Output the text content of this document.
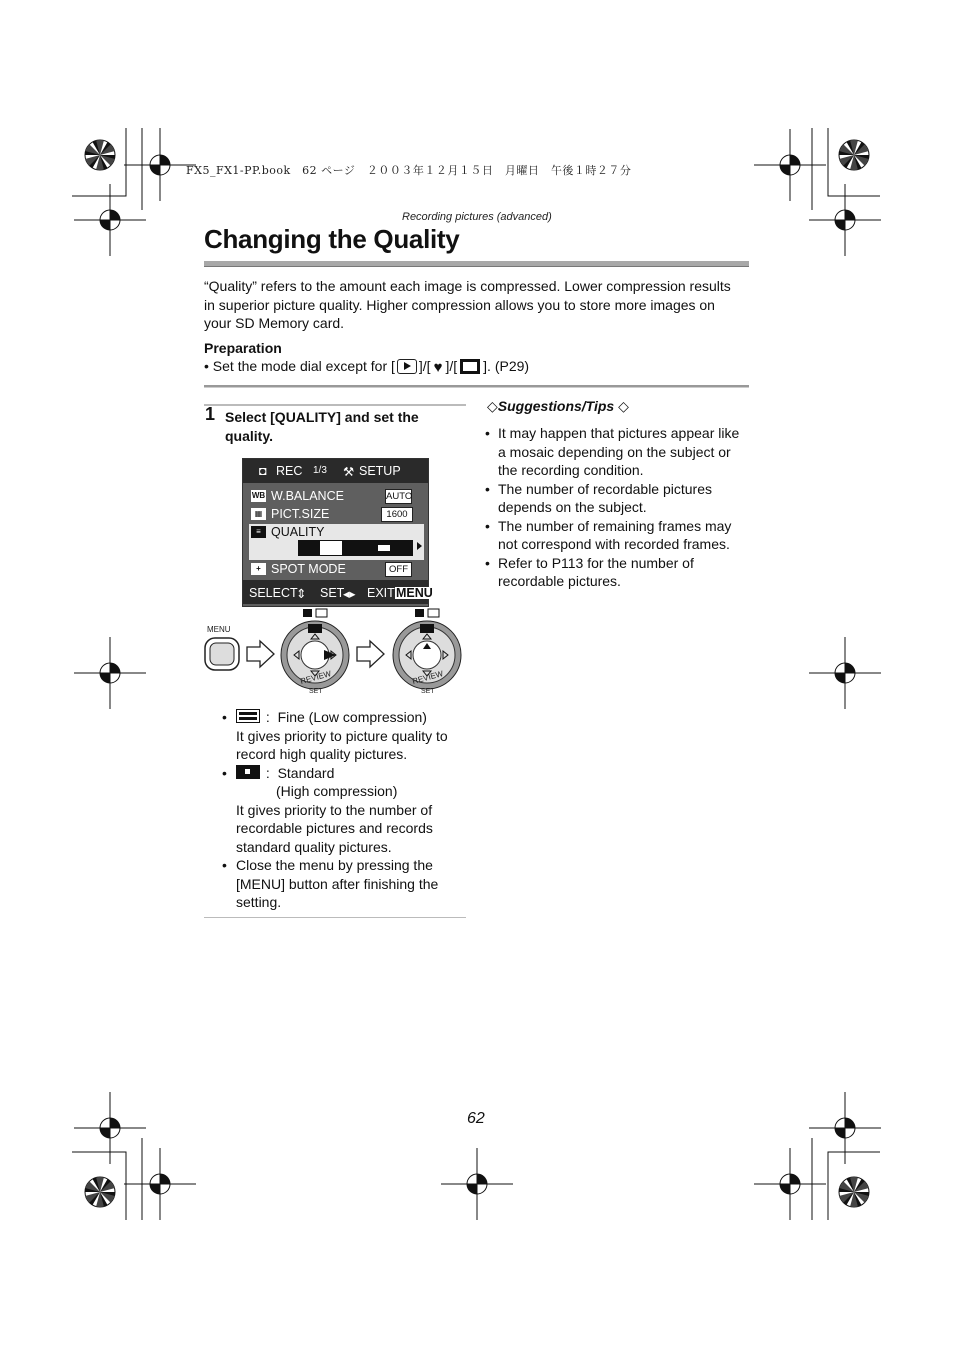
FX5_FX1-PP.book　62 ページ　２００３年１２月１５日　月曜日　午後１時２７分
Recording pictures (advanced)
Changing the Quality
“Quality” refers to the amount each image is compressed. Lower compression results in superior picture quality. Higher compression allows you to store more images on your SD Memory card.
Preparation
• Set the mode dial except for [ ]/[ ♥ ]/[ ]. (P29)
1 Select [QUALITY] and set the quality.
◘ REC 1/3 ⚒ SETUP
WB W.BALANCE	AUTO
▦ PICT.SIZE	1600
≡ QUALITY
+ SPOT MODE	OFF
SELECT
⇕ SET
◂▸ EXIT MENU
MENU
REVIEW
SET
REVIEW
SET
•	:  Fine (Low compression)
It gives priority to picture quality to record high quality pictures.
•	:  Standard
(High compression)
It gives priority to the number of recordable pictures and records standard quality pictures.
• Close the menu by pressing the [MENU] button after finishing the setting.
◇Suggestions/Tips ◇
• It may happen that pictures appear like a mosaic depending on the subject or the recording condition.
• The number of recordable pictures depends on the subject.
• The number of remaining frames may not correspond with recorded frames.
• Refer to P113 for the number of recordable pictures.
62
